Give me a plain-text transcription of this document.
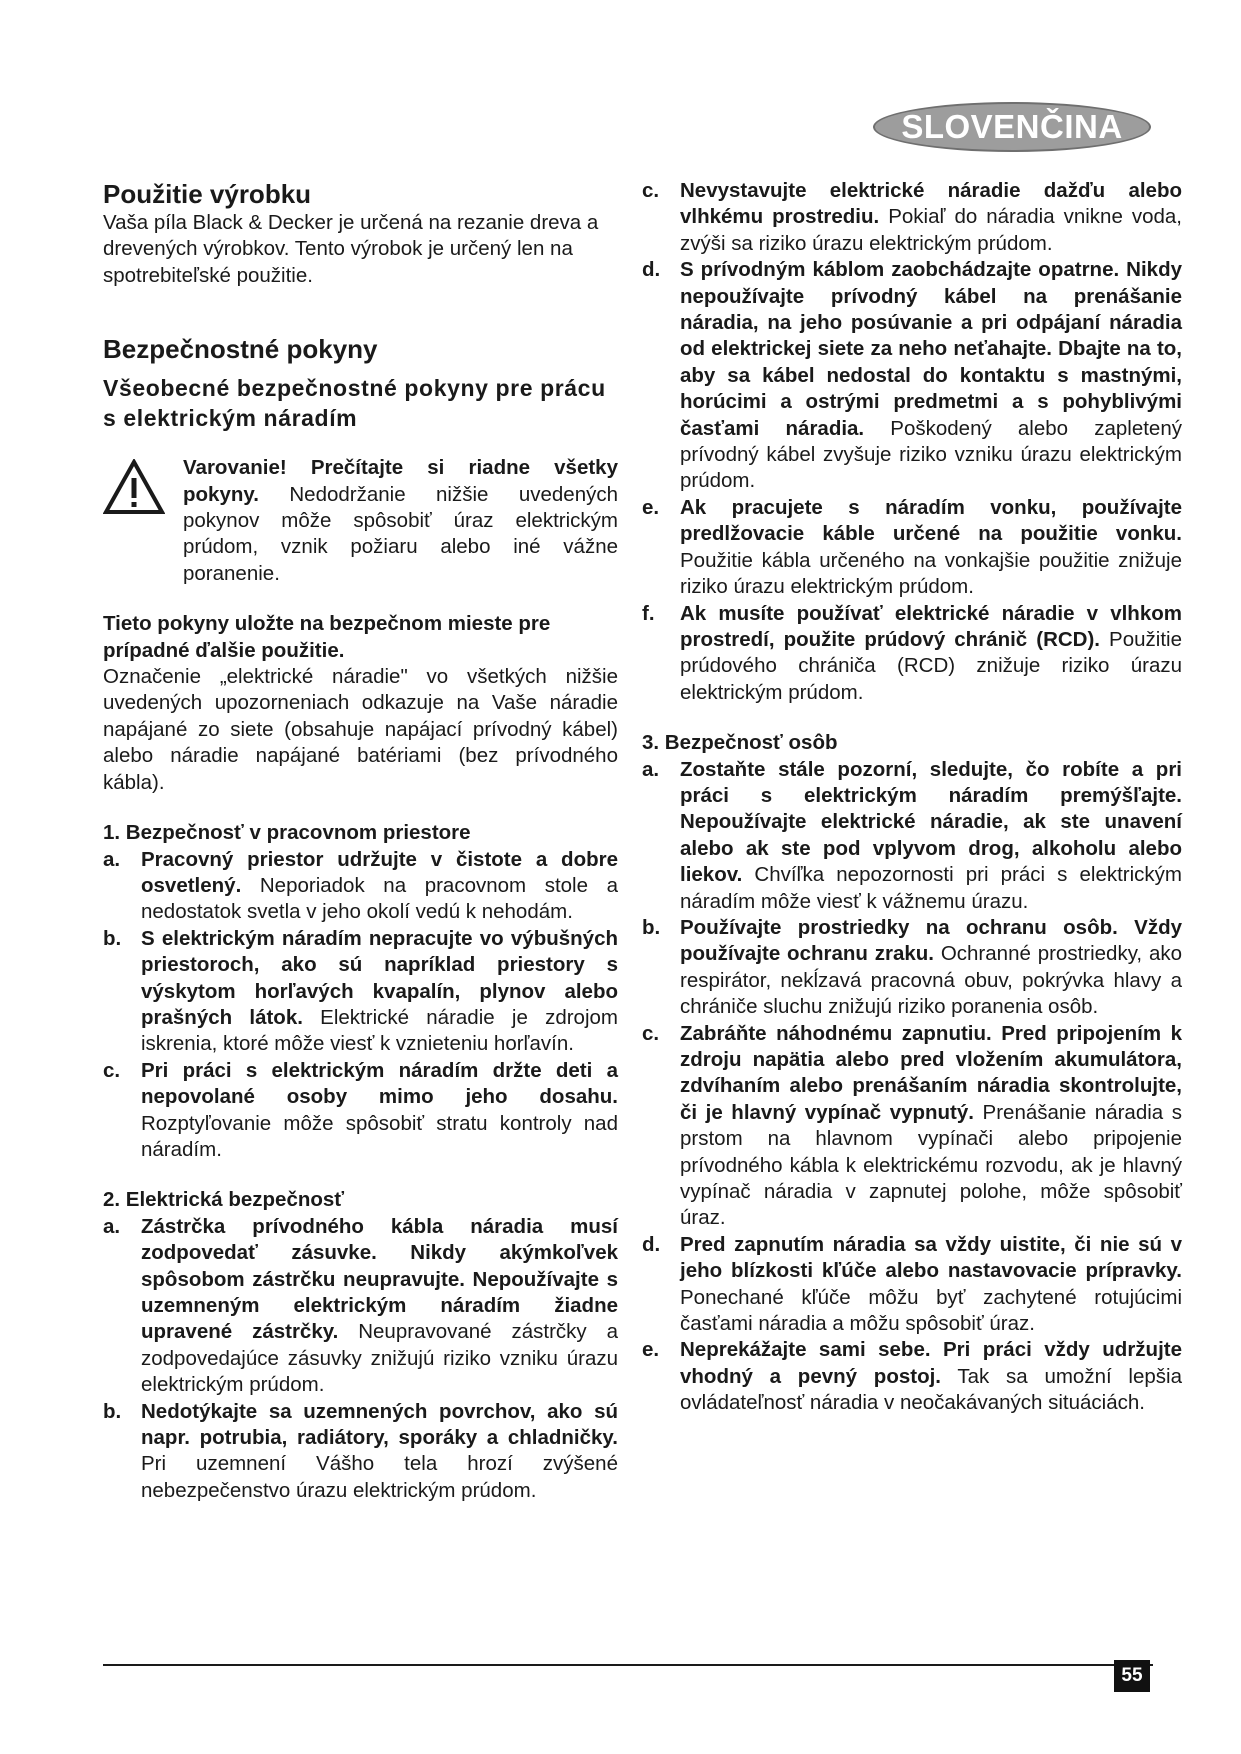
SLOVENČINA
Použitie výrobku

Vaša píla Black & Decker je určená na rezanie dreva a drevených výrobkov. Tento výrobok je určený len na spotrebiteľské použitie.

Bezpečnostné pokyny
Všeobecné bezpečnostné pokyny pre prácu s elektrickým náradím

Varovanie! Prečítajte si riadne všetky pokyny. Nedodržanie nižšie uvedených pokynov môže spôsobiť úraz elektrickým prúdom, vznik požiaru alebo iné vážne poranenie.

Tieto pokyny uložte na bezpečnom mieste pre prípadné ďalšie použitie.

Označenie „elektrické náradie" vo všetkých nižšie uvedených upozorneniach odkazuje na Vaše náradie napájané zo siete (obsahuje napájací prívodný kábel) alebo náradie napájané batériami (bez prívodného kábla).

1. Bezpečnosť v pracovnom priestore

a.	Pracovný priestor udržujte v čistote a dobre osvetlený. Neporiadok na pracovnom stole a nedostatok svetla v jeho okolí vedú k nehodám.
b. S elektrickým náradím nepracujte vo výbušných priestoroch, ako sú napríklad priestory s výskytom horľavých kvapalín, plynov alebo prašných látok. Elektrické náradie je zdrojom iskrenia, ktoré môže viesť k vznieteniu horľavín.
c.	Pri práci s elektrickým náradím držte deti a nepovolané osoby mimo jeho dosahu. Rozptyľovanie môže spôsobiť stratu kontroly nad náradím.

2. Elektrická bezpečnosť

a.	Zástrčka prívodného kábla náradia musí zodpovedať zásuvke. Nikdy akýmkoľvek spôsobom zástrčku neupravujte. Nepoužívajte s uzemneným elektrickým náradím žiadne upravené zástrčky. Neupravované zástrčky a zodpovedajúce zásuvky znižujú riziko vzniku úrazu elektrickým prúdom.
b. Nedotýkajte sa uzemnených povrchov, ako sú napr. potrubia, radiátory, sporáky a chladničky. Pri uzemnení Vášho tela hrozí zvýšené nebezpečenstvo úrazu elektrickým prúdom.
c.	Nevystavujte elektrické náradie dažďu alebo vlhkému prostrediu. Pokiaľ do náradia vnikne voda, zvýši sa riziko úrazu elektrickým prúdom.
d. S prívodným káblom zaobchádzajte opatrne. Nikdy nepoužívajte prívodný kábel na prenášanie náradia, na jeho posúvanie a pri odpájaní náradia od elektrickej siete za neho neťahajte. Dbajte na to, aby sa kábel nedostal do kontaktu s mastnými, horúcimi a ostrými predmetmi a s pohyblivými časťami náradia. Poškodený alebo zapletený prívodný kábel zvyšuje riziko vzniku úrazu elektrickým prúdom.
e.	Ak pracujete s náradím vonku, používajte predlžovacie káble určené na použitie vonku. Použitie kábla určeného na vonkajšie použitie znižuje riziko úrazu elektrickým prúdom.
f.	Ak musíte používať elektrické náradie v vlhkom prostredí, použite prúdový chránič (RCD). Použitie prúdového chrániča (RCD) znižuje riziko úrazu elektrickým prúdom.

3. Bezpečnosť osôb

a.	Zostaňte stále pozorní, sledujte, čo robíte a pri práci s elektrickým náradím premýšľajte. Nepoužívajte elektrické náradie, ak ste unavení alebo ak ste pod vplyvom drog, alkoholu alebo liekov. Chvíľka nepozornosti pri práci s elektrickým náradím môže viesť k vážnemu úrazu.
b. Používajte prostriedky na ochranu osôb. Vždy používajte ochranu zraku. Ochranné prostriedky, ako respirátor, nekĺzavá pracovná obuv, pokrývka hlavy a chrániče sluchu znižujú riziko poranenia osôb.
c.	Zabráňte náhodnému zapnutiu. Pred pripojením k zdroju napätia alebo pred vložením akumulátora, zdvíhaním alebo prenášaním náradia skontrolujte, či je hlavný vypínač vypnutý. Prenášanie náradia s prstom na hlavnom vypínači alebo pripojenie prívodného kábla k elektrickému rozvodu, ak je hlavný vypínač náradia v zapnutej polohe, môže spôsobiť úraz.
d. Pred zapnutím náradia sa vždy uistite, či nie sú v jeho blízkosti kľúče alebo nastavovacie prípravky. Ponechané kľúče môžu byť zachytené rotujúcimi časťami náradia a môžu spôsobiť úraz.
e.	Neprekážajte sami sebe. Pri práci vždy udržujte vhodný a pevný postoj. Tak sa umožní lepšia ovládateľnosť náradia v neočakávaných situáciách.
55
